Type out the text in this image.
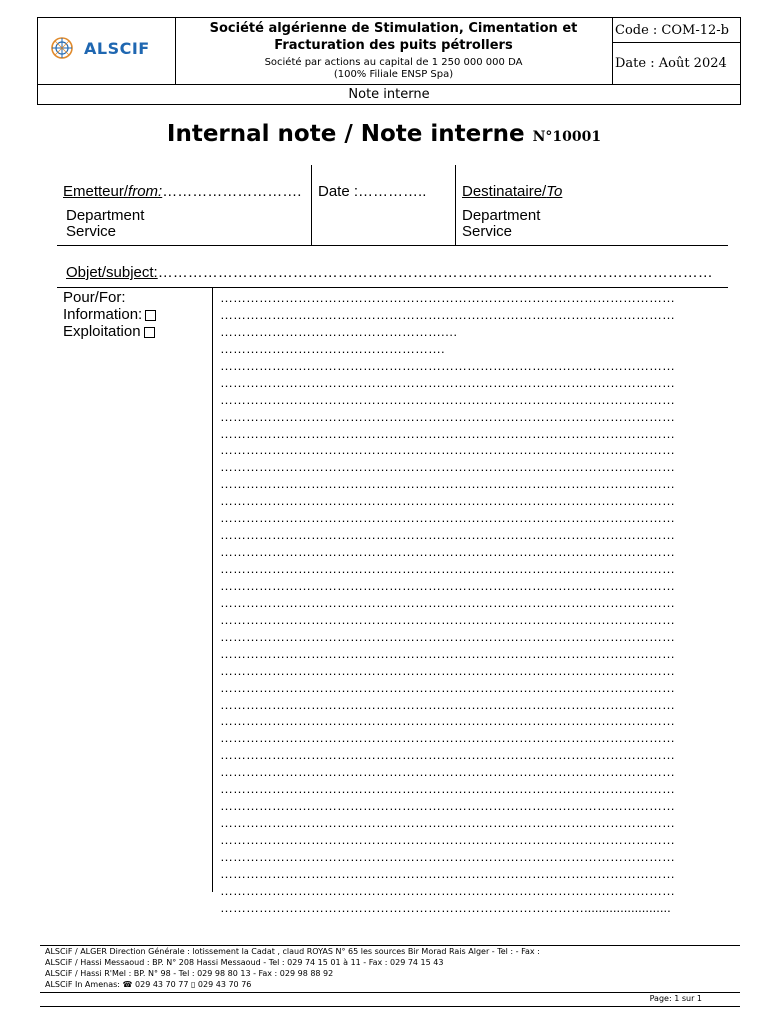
ALSCIF
Société algérienne de Stimulation, Cimentation et Fracturation des puits pétrollers
Société par actions au capital de 1 250 000 000 DA
(100% Filiale ENSP Spa)
Code : COM-12-b
Date : Août 2024
Note interne
Internal note / Note interne N°10001
Emetteur/from:………………………. Date :………….. Destinataire/To
Department
Service
Department
Service
Objet/subject:…………………………………………………………………………………………………
Pour/For:
Information:
Exploitation
……………………………………………………………………………………………
……………………………………………………………………………………………
…………………………………………….…
…………………………………………….
……………………………………………………………………………………………
……………………………………………………………………………………………
……………………………………………………………………………………………
……………………………………………………………………………………………
……………………………………………………………………………………………
……………………………………………………………………………………………
……………………………………………………………………………………………
……………………………………………………………………………………………
……………………………………………………………………………………………
……………………………………………………………………………………………
……………………………………………………………………………………………
……………………………………………………………………………………………
……………………………………………………………………………………………
……………………………………………………………………………………………
……………………………………………………………………………………………
……………………………………………………………………………………………
……………………………………………………………………………………………
……………………………………………………………………………………………
……………………………………………………………………………………………
……………………………………………………………………………………………
……………………………………………………………………………………………
……………………………………………………………………………………………
……………………………………………………………………………………………
……………………………………………………………………………………………
……………………………………………………………………………………………
……………………………………………………………………………………………
……………………………………………………………………………………………
……………………………………………………………………………………………
……………………………………………………………………………………………
……………………………………………………………………………………………
……………………………………………………………………………………………
……………………………………………………………………………………………
…………………………………………………………………………........................
ALSCiF / ALGER Direction Générale : lotissement la Cadat , claud ROYAS N° 65 les sources Bir Morad Rais Alger - Tel : - Fax :
ALSCiF / Hassi Messaoud : BP. N° 208 Hassi Messaoud - Tel : 029 74 15 01 à 11 - Fax : 029 74 15 43
ALSCiF / Hassi R'Mel : BP. N° 98 - Tel : 029 98 80 13 - Fax : 029 98 88 92
ALSCiF In Amenas: ☎ 029 43 70 77 ▯ 029 43 70 76
Page: 1 sur 1
